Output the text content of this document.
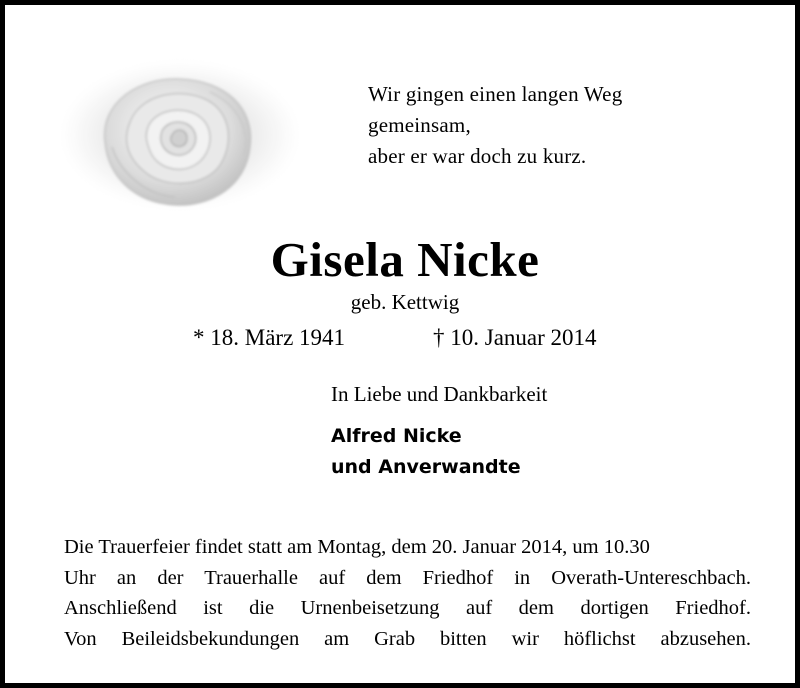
Wir gingen einen langen Weg
gemeinsam,
aber er war doch zu kurz.
Gisela Nicke
geb. Kettwig
* 18. März 1941	† 10. Januar 2014
In Liebe und Dankbarkeit
Alfred Nicke
und Anverwandte
Die Trauerfeier findet statt am Montag, dem 20. Januar 2014, um 10.30
Uhr an der Trauerhalle auf dem Friedhof in Overath-Untereschbach.
Anschließend ist die Urnenbeisetzung auf dem dortigen Friedhof.
Von Beileidsbekundungen am Grab bitten wir höflichst abzusehen.
